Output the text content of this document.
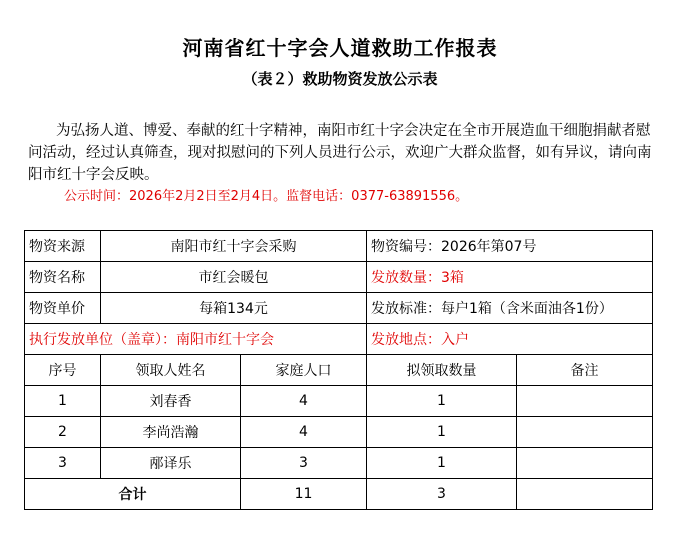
河南省红十字会人道救助工作报表
（表２）救助物资发放公示表
为弘扬人道、博爱、奉献的红十字精神，南阳市红十字会决定在全市开展造血干细胞捐献者慰问活动，经过认真筛查，现对拟慰问的下列人员进行公示，欢迎广大群众监督，如有异议，请向南阳市红十字会反映。
公示时间：2026年2月2日至2月4日。监督电话：0377-63891556。
物资来源	南阳市红十字会采购		物资编号：2026年第07号	
物资名称	市红会暖包		发放数量：3箱	
物资单价	每箱134元		发放标准：每户1箱（含米面油各1份）	
执行发放单位（盖章）：南阳市红十字会			发放地点：入户	
序号	领取人姓名	家庭人口	拟领取数量	备注
1	刘春香	4	1	
2	李尚浩瀚	4	1	
3	邴译乐	3	1	
合计		11	3	
